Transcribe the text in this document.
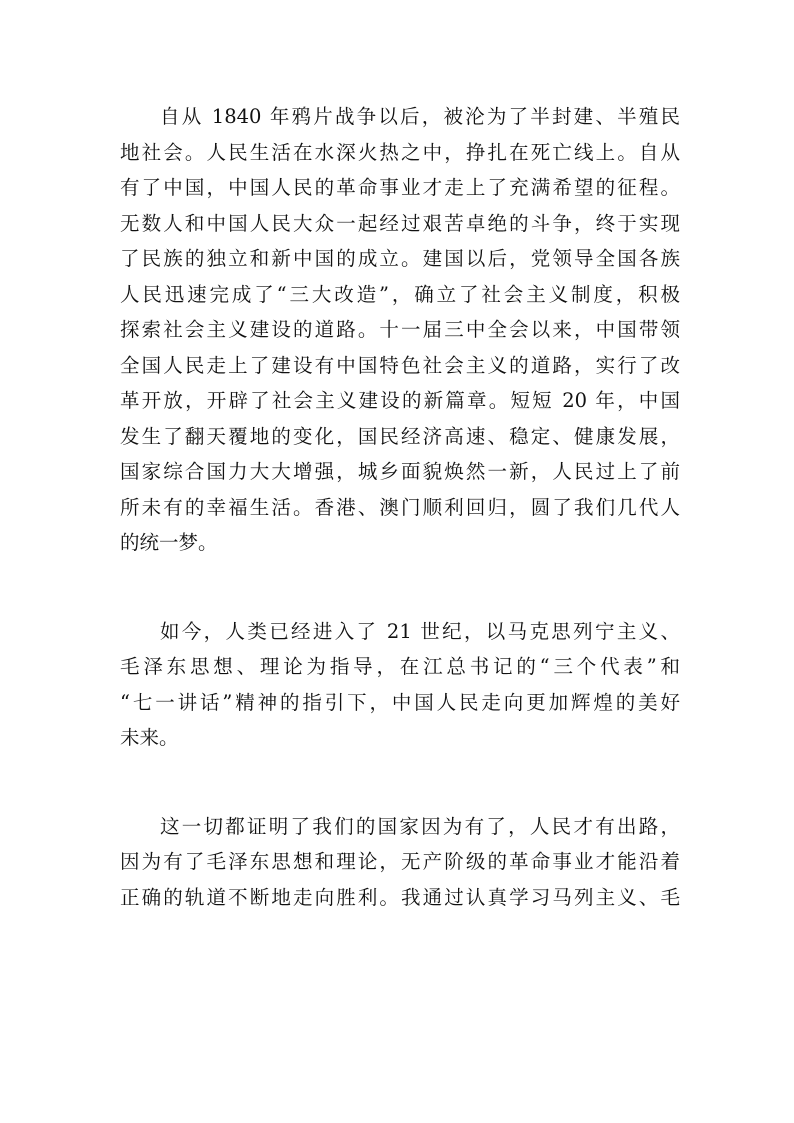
自从 1840 年鸦片战争以后，被沦为了半封建、半殖民
地社会。人民生活在水深火热之中，挣扎在死亡线上。自从
有了中国，中国人民的革命事业才走上了充满希望的征程。
无数人和中国人民大众一起经过艰苦卓绝的斗争，终于实现
了民族的独立和新中国的成立。建国以后，党领导全国各族
人民迅速完成了“三大改造”，确立了社会主义制度，积极
探索社会主义建设的道路。十一届三中全会以来，中国带领
全国人民走上了建设有中国特色社会主义的道路，实行了改
革开放，开辟了社会主义建设的新篇章。短短 20 年，中国
发生了翻天覆地的变化，国民经济高速、稳定、健康发展，
国家综合国力大大增强，城乡面貌焕然一新，人民过上了前
所未有的幸福生活。香港、澳门顺利回归，圆了我们几代人
的统一梦。
如今，人类已经进入了 21 世纪，以马克思列宁主义、
毛泽东思想、理论为指导，在江总书记的“三个代表”和
“七一讲话”精神的指引下，中国人民走向更加辉煌的美好
未来。
这一切都证明了我们的国家因为有了，人民才有出路，
因为有了毛泽东思想和理论，无产阶级的革命事业才能沿着
正确的轨道不断地走向胜利。我通过认真学习马列主义、毛
